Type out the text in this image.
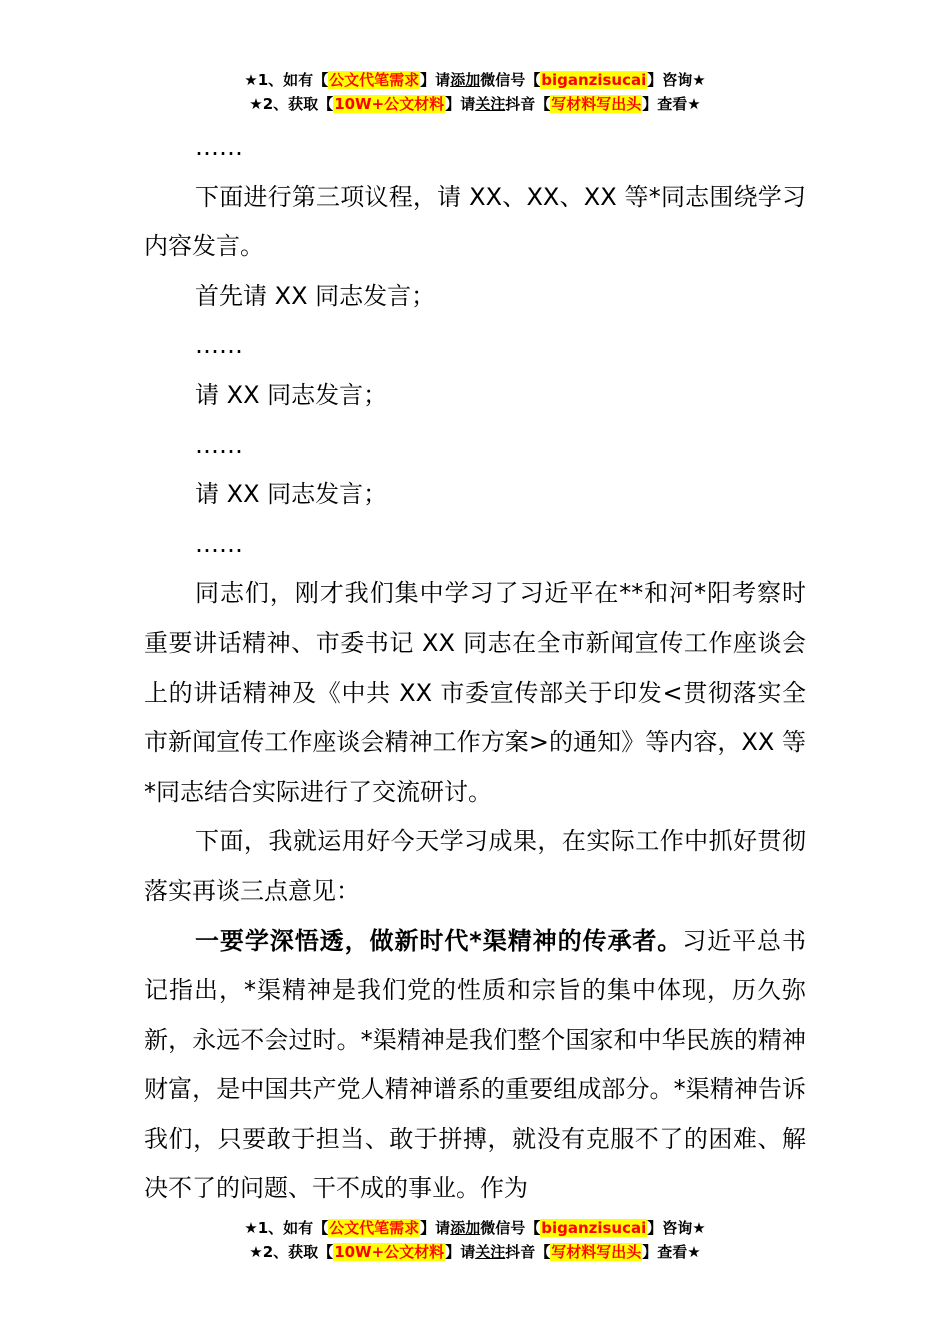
★1、如有【公文代笔需求】请添加微信号【biganzisucai】咨询★
★2、获取【10W+公文材料】请关注抖音【写材料写出头】查看★

……

下面进行第三项议程，请 XX、XX、XX 等*同志围绕学习内容发言。

首先请 XX 同志发言；

……

请 XX 同志发言；

……

请 XX 同志发言；

……

同志们，刚才我们集中学习了习近平在**和河*阳考察时重要讲话精神、市委书记 XX 同志在全市新闻宣传工作座谈会上的讲话精神及《中共 XX 市委宣传部关于印发<贯彻落实全市新闻宣传工作座谈会精神工作方案>的通知》等内容，XX 等*同志结合实际进行了交流研讨。

下面，我就运用好今天学习成果，在实际工作中抓好贯彻落实再谈三点意见：

一要学深悟透，做新时代*渠精神的传承者。习近平总书记指出，*渠精神是我们党的性质和宗旨的集中体现，历久弥新，永远不会过时。*渠精神是我们整个国家和中华民族的精神财富，是中国共产党人精神谱系的重要组成部分。*渠精神告诉我们，只要敢于担当、敢于拼搏，就没有克服不了的困难、解决不了的问题、干不成的事业。作为

★1、如有【公文代笔需求】请添加微信号【biganzisucai】咨询★
★2、获取【10W+公文材料】请关注抖音【写材料写出头】查看★
